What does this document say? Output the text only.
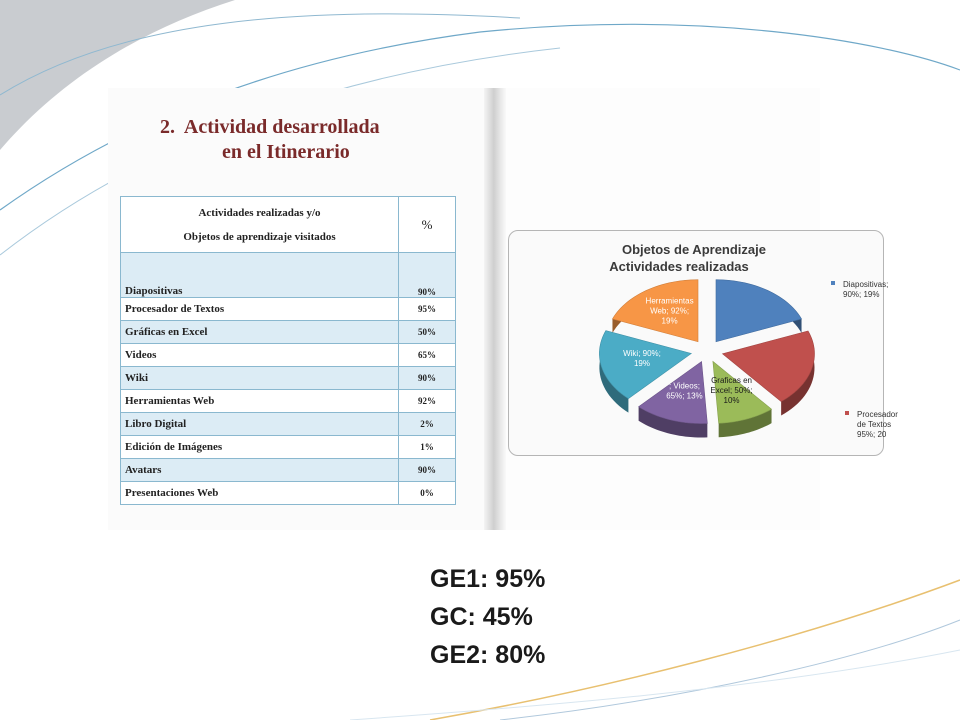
2. Actividad desarrollada
en el Itinerario
Actividades realizadas y/o
Objetos de aprendizaje visitados	%
Diapositivas	90%
Procesador de Textos	95%
Gráficas en Excel	50%
Videos	65%
Wiki	90%
Herramientas Web	92%
Libro Digital	2%
Edición de Imágenes	1%
Avatars	90%
Presentaciones Web	0%
Objetos de Aprendizaje
Actividades realizadas
Diapositivas; 90%; 19%
Procesador de Textos 95%; 20
Graficas en Excel; 50%; 10%
; Videos; 65%; 13%
Wiki; 90%; 19%
Herramientas Web; 92%; 19%
GE1: 95%
GC: 45%
GE2: 80%
